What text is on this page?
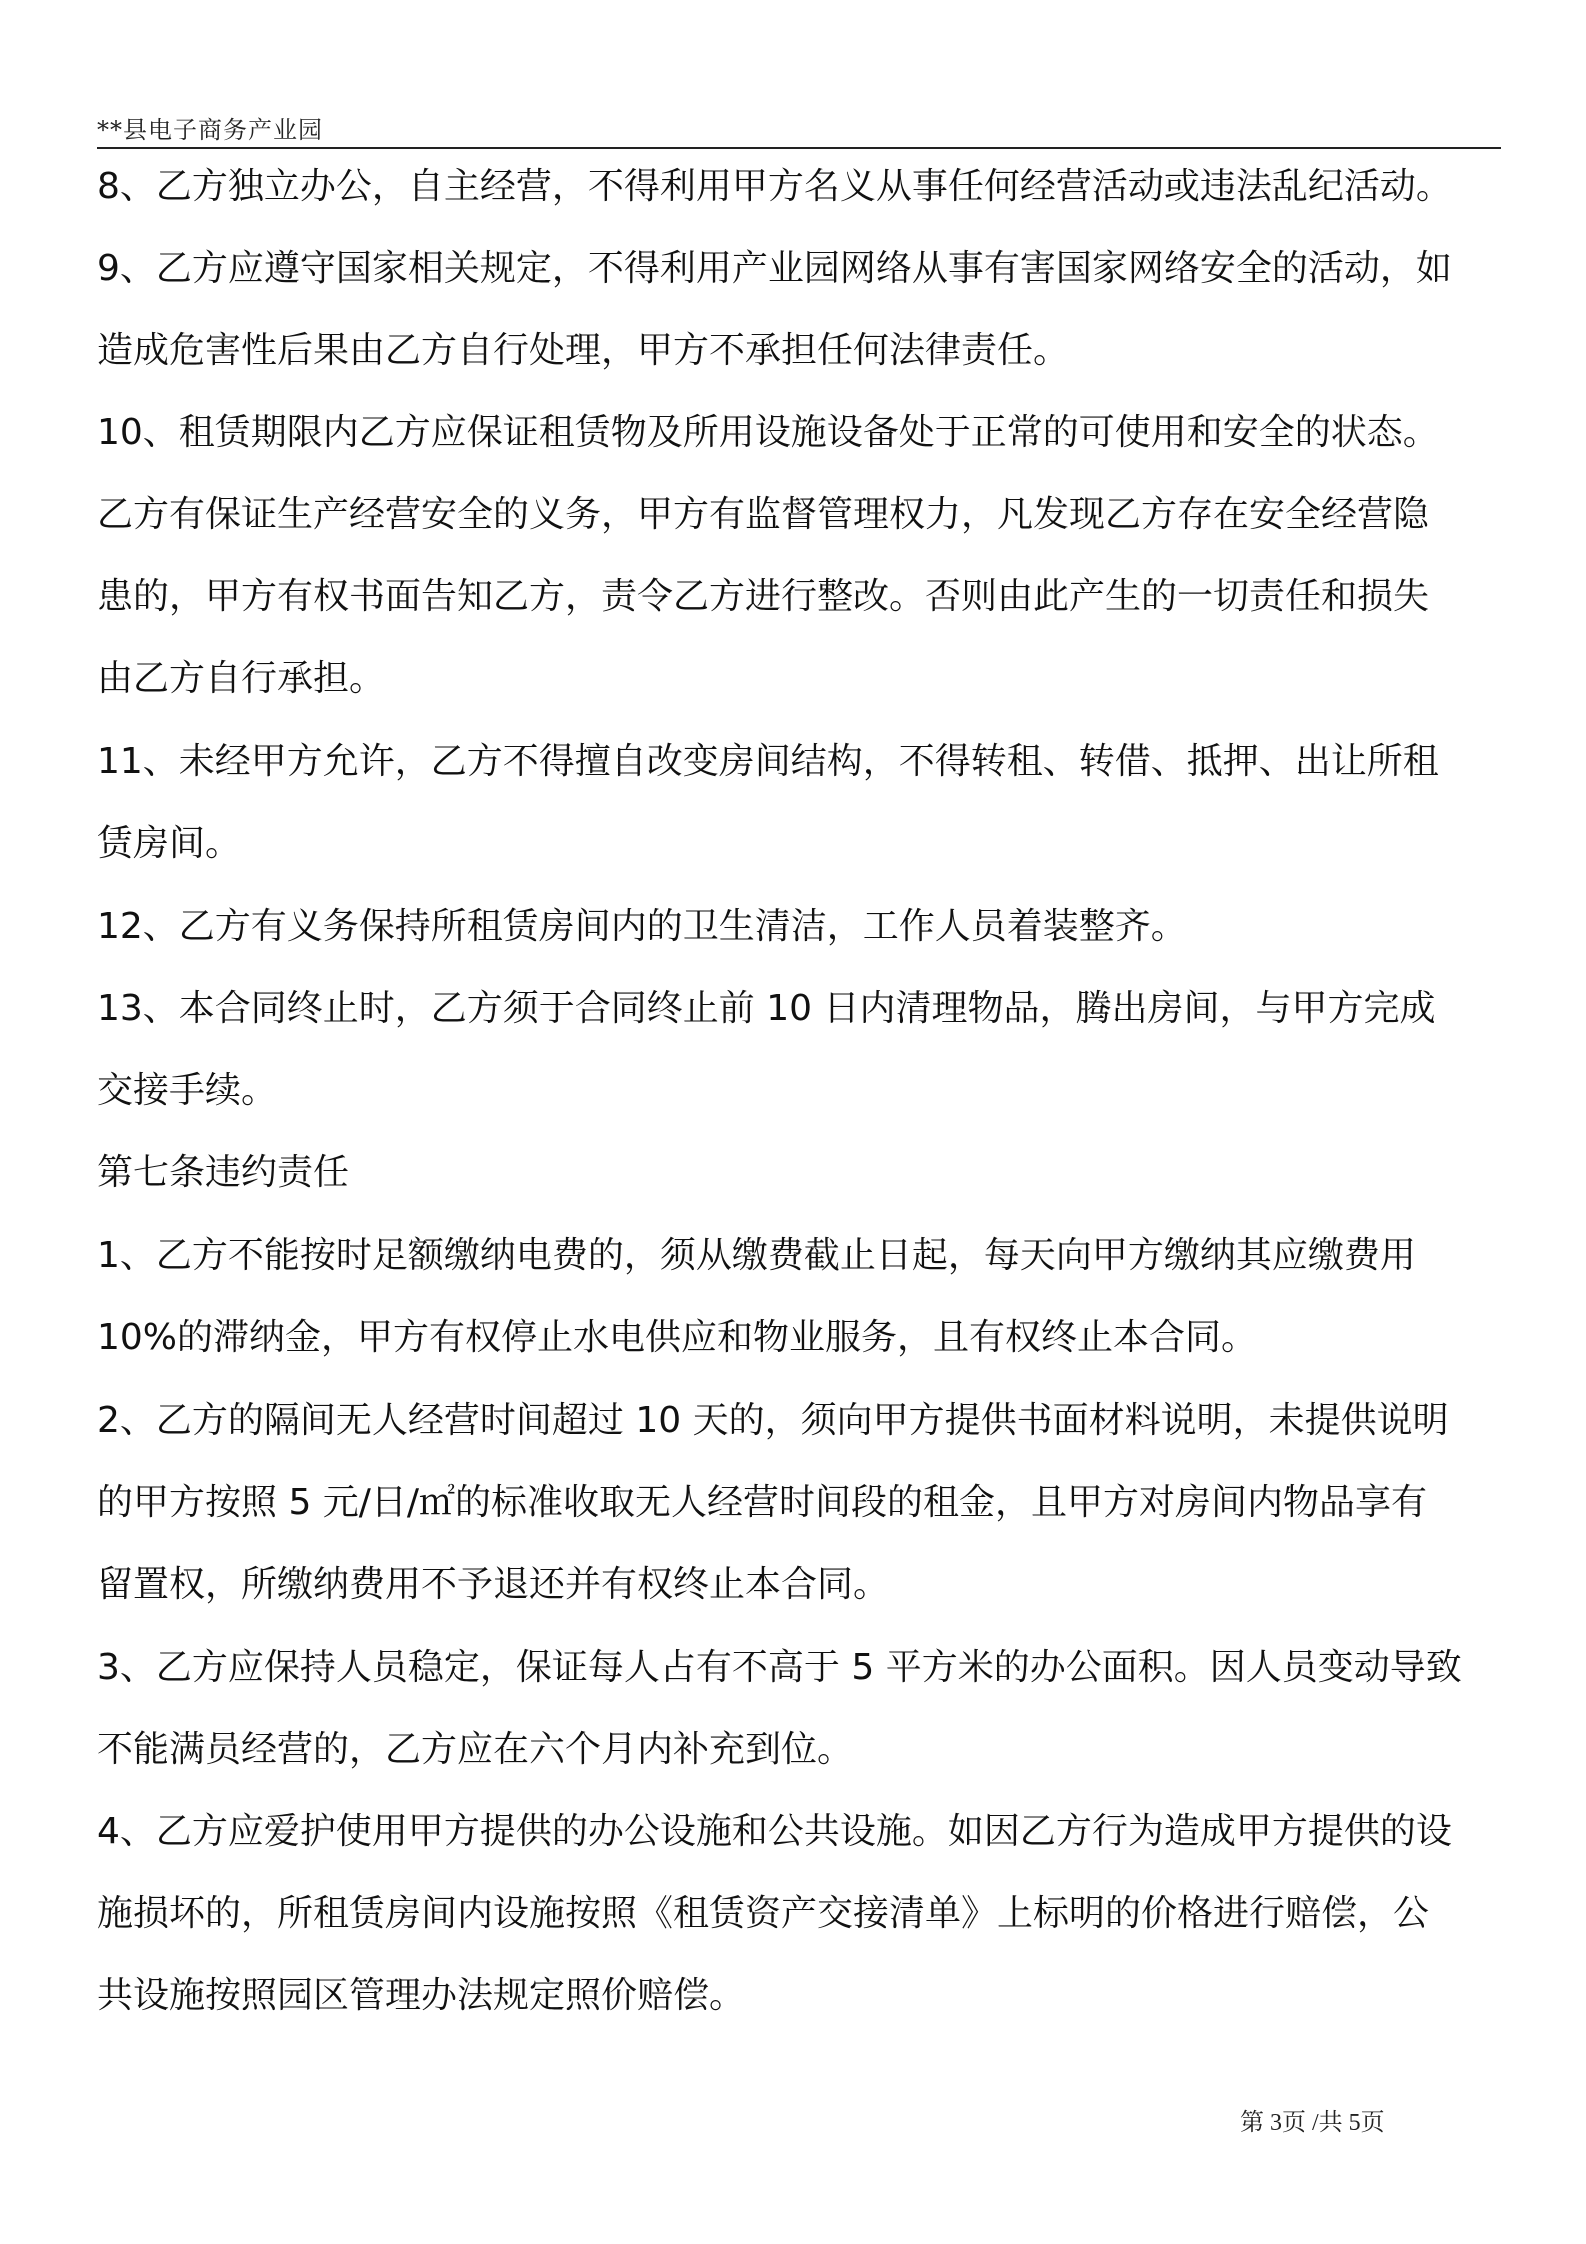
**县电子商务产业园
8、乙方独立办公，自主经营，不得利用甲方名义从事任何经营活动或违法乱纪活动。
9、乙方应遵守国家相关规定，不得利用产业园网络从事有害国家网络安全的活动，如
造成危害性后果由乙方自行处理，甲方不承担任何法律责任。
10、租赁期限内乙方应保证租赁物及所用设施设备处于正常的可使用和安全的状态。
乙方有保证生产经营安全的义务，甲方有监督管理权力，凡发现乙方存在安全经营隐
患的，甲方有权书面告知乙方，责令乙方进行整改。否则由此产生的一切责任和损失
由乙方自行承担。
11、未经甲方允许，乙方不得擅自改变房间结构，不得转租、转借、抵押、出让所租
赁房间。
12、乙方有义务保持所租赁房间内的卫生清洁，工作人员着装整齐。
13、本合同终止时，乙方须于合同终止前 10 日内清理物品，腾出房间，与甲方完成
交接手续。
第七条违约责任
1、乙方不能按时足额缴纳电费的，须从缴费截止日起，每天向甲方缴纳其应缴费用
10%的滞纳金，甲方有权停止水电供应和物业服务，且有权终止本合同。
2、乙方的隔间无人经营时间超过 10 天的，须向甲方提供书面材料说明，未提供说明
的甲方按照 5 元/日/㎡的标准收取无人经营时间段的租金，且甲方对房间内物品享有
留置权，所缴纳费用不予退还并有权终止本合同。
3、乙方应保持人员稳定，保证每人占有不高于 5 平方米的办公面积。因人员变动导致
不能满员经营的，乙方应在六个月内补充到位。
4、乙方应爱护使用甲方提供的办公设施和公共设施。如因乙方行为造成甲方提供的设
施损坏的，所租赁房间内设施按照《租赁资产交接清单》上标明的价格进行赔偿，公
共设施按照园区管理办法规定照价赔偿。
第 3页 /共 5页
